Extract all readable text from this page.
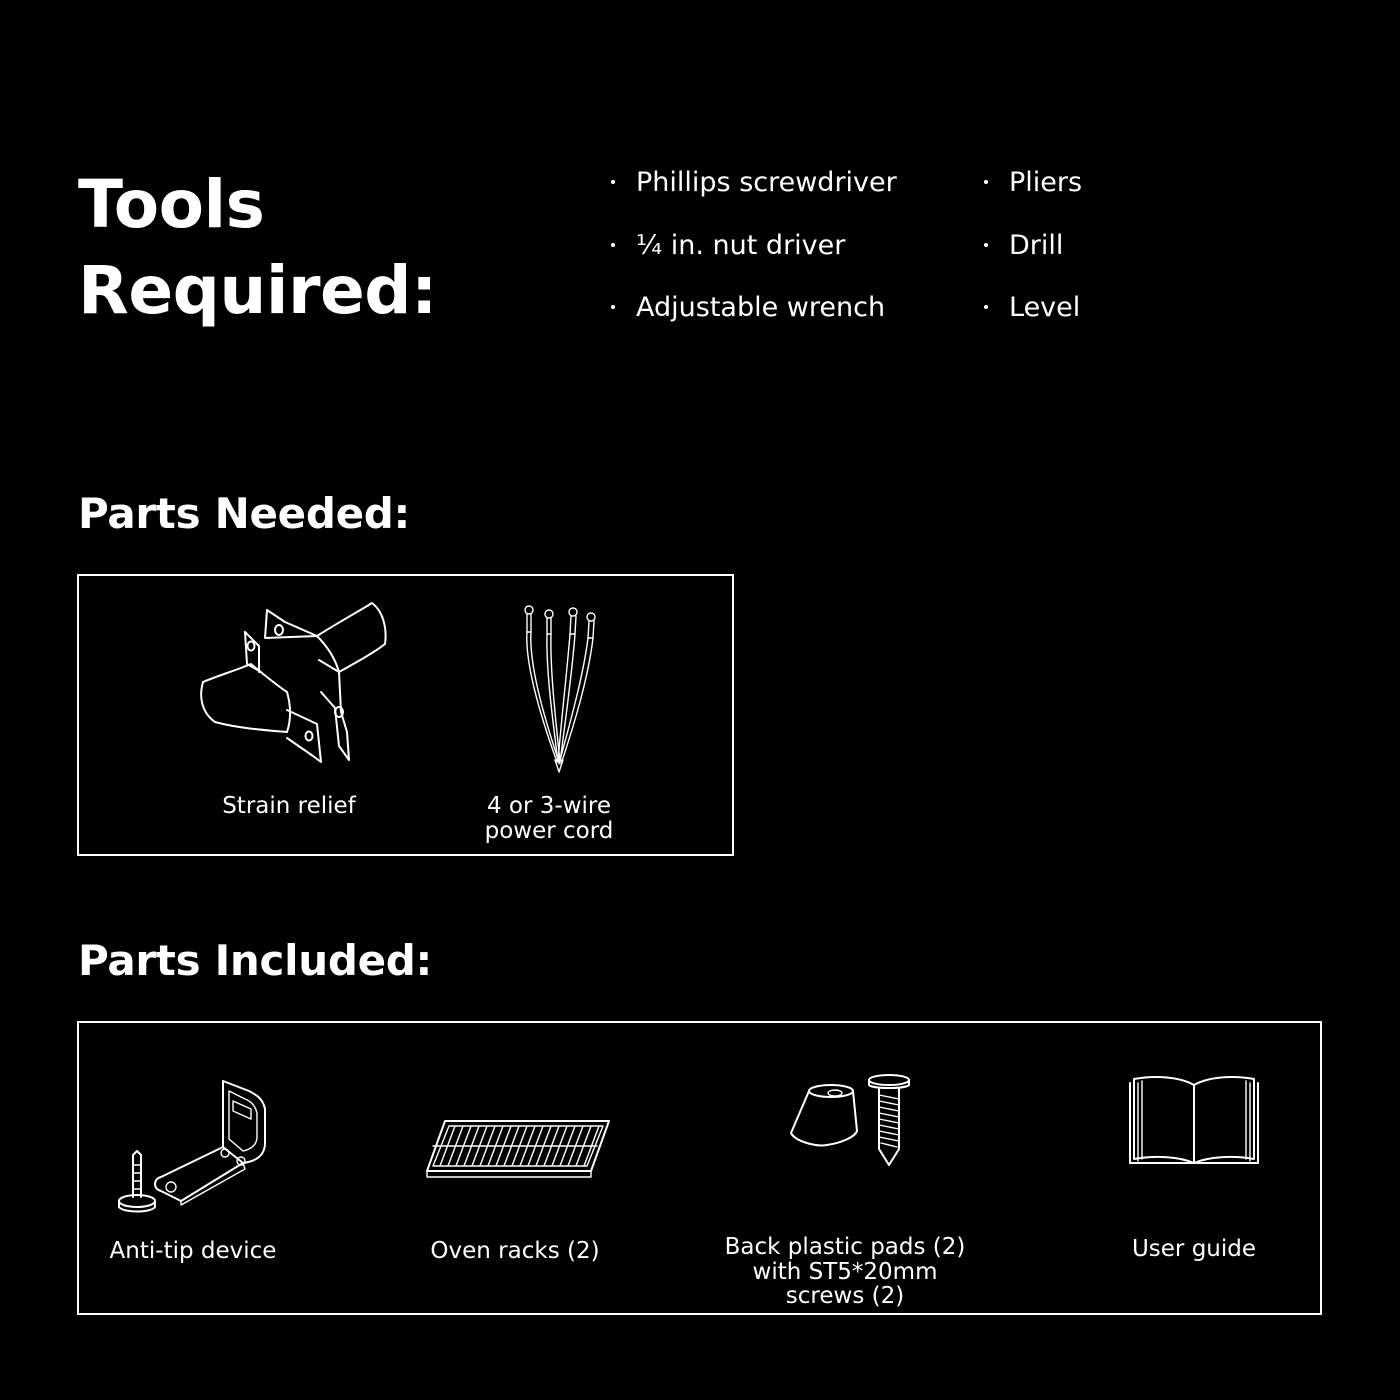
Tools
Required:
Phillips screwdriver
¼ in. nut driver
Adjustable wrench
Pliers
Drill
Level
Parts Needed:
Strain relief	4 or 3-wire
power cord
Parts Included:
Anti-tip device	Oven racks (2)	Back plastic pads (2)
with ST5*20mm
screws (2)
User guide
